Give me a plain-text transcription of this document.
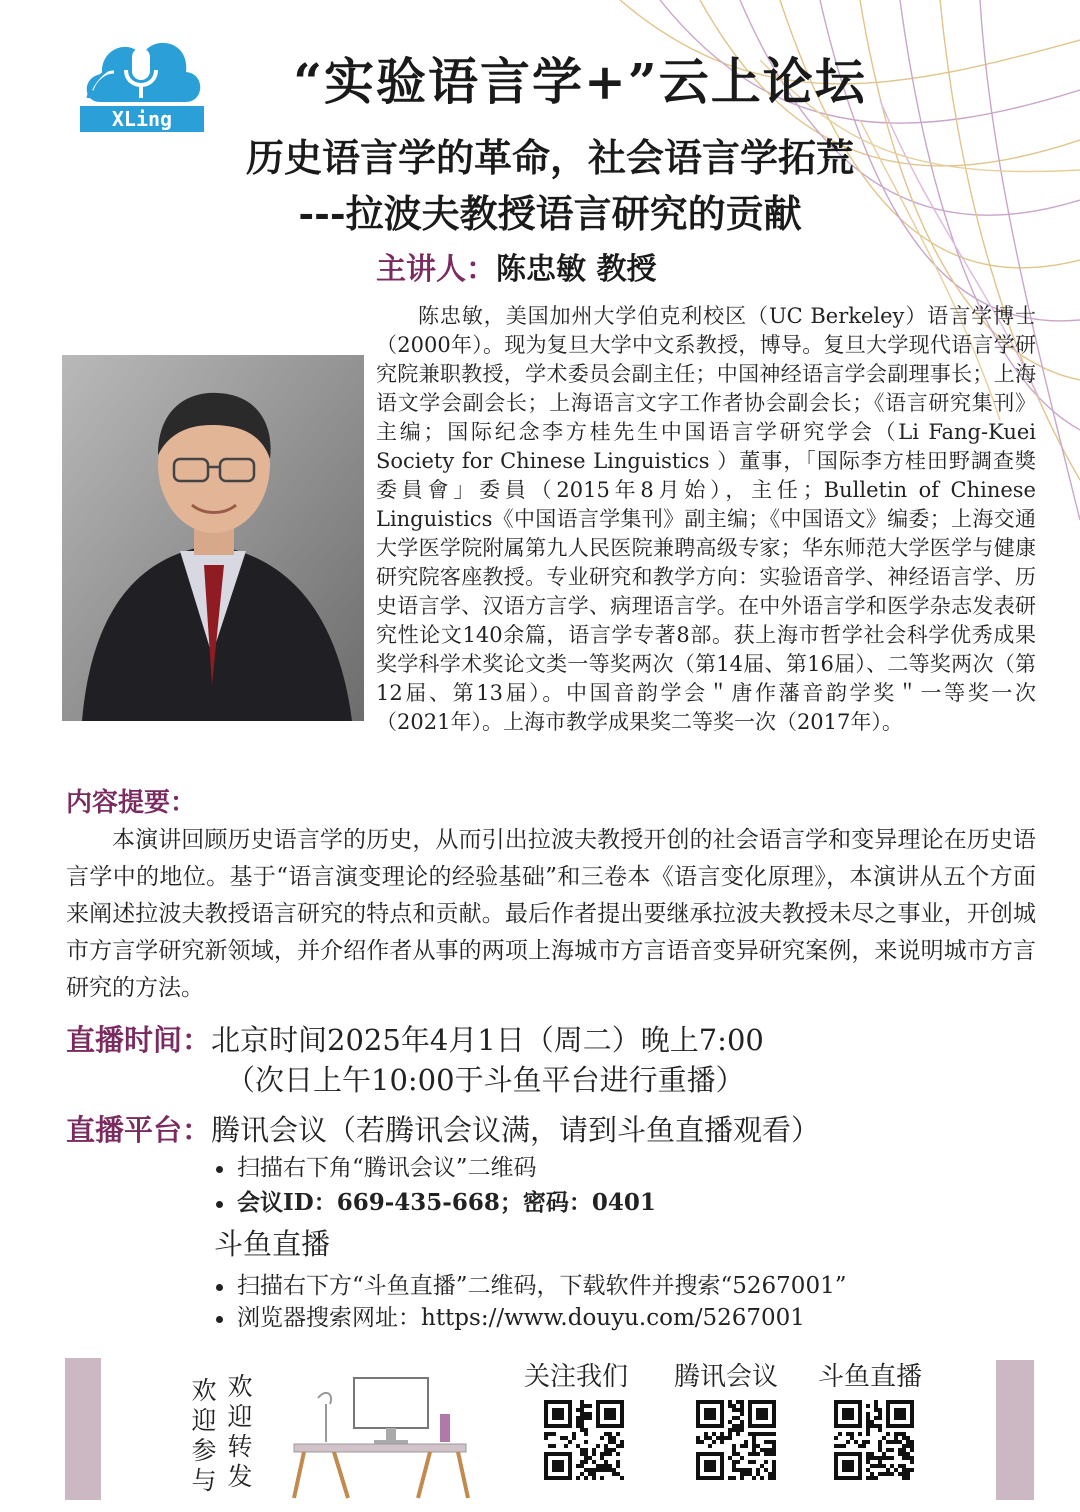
XLing
“实验语言学+”云上论坛
历史语言学的革命，社会语言学拓荒
---拉波夫教授语言研究的贡献
主讲人：陈忠敏 教授
陈忠敏，美国加州大学伯克利校区（UC Berkeley）语言学博士（2000年）。现为复旦大学中文系教授，博导。复旦大学现代语言学研究院兼职教授，学术委员会副主任；中国神经语言学会副理事长；上海语文学会副会长；上海语言文字工作者协会副会长；《语言研究集刊》主编；国际纪念李方桂先生中国语言学研究学会（Li Fang-Kuei Society for Chinese Linguistics ）董事，「国际李方桂田野調查獎委員會」委員（2015年8月始），主任；Bulletin of Chinese Linguistics《中国语言学集刊》副主编；《中国语文》编委；上海交通大学医学院附属第九人民医院兼聘高级专家；华东师范大学医学与健康研究院客座教授。专业研究和教学方向：实验语音学、神经语言学、历史语言学、汉语方言学、病理语言学。在中外语言学和医学杂志发表研究性论文140余篇，语言学专著8部。获上海市哲学社会科学优秀成果奖学科学术奖论文类一等奖两次（第14届、第16届）、二等奖两次（第12届、第13届）。中国音韵学会＂唐作藩音韵学奖＂一等奖一次（2021年）。上海市教学成果奖二等奖一次（2017年）。
内容提要：
本演讲回顾历史语言学的历史，从而引出拉波夫教授开创的社会语言学和变异理论在历史语言学中的地位。基于“语言演变理论的经验基础”和三卷本《语言变化原理》，本演讲从五个方面来阐述拉波夫教授语言研究的特点和贡献。最后作者提出要继承拉波夫教授未尽之事业，开创城市方言学研究新领域，并介绍作者从事的两项上海城市方言语音变异研究案例，来说明城市方言研究的方法。
直播时间：北京时间2025年4月1日（周二）晚上7:00
（次日上午10:00于斗鱼平台进行重播）
直播平台：腾讯会议（若腾讯会议满，请到斗鱼直播观看）
扫描右下角“腾讯会议”二维码
会议ID：669-435-668；密码：0401
斗鱼直播
扫描右下方“斗鱼直播”二维码，下载软件并搜索“5267001”
浏览器搜索网址：https://www.douyu.com/5267001
欢
迎
参
与
欢
迎
转
发
关注我们 腾讯会议 斗鱼直播
